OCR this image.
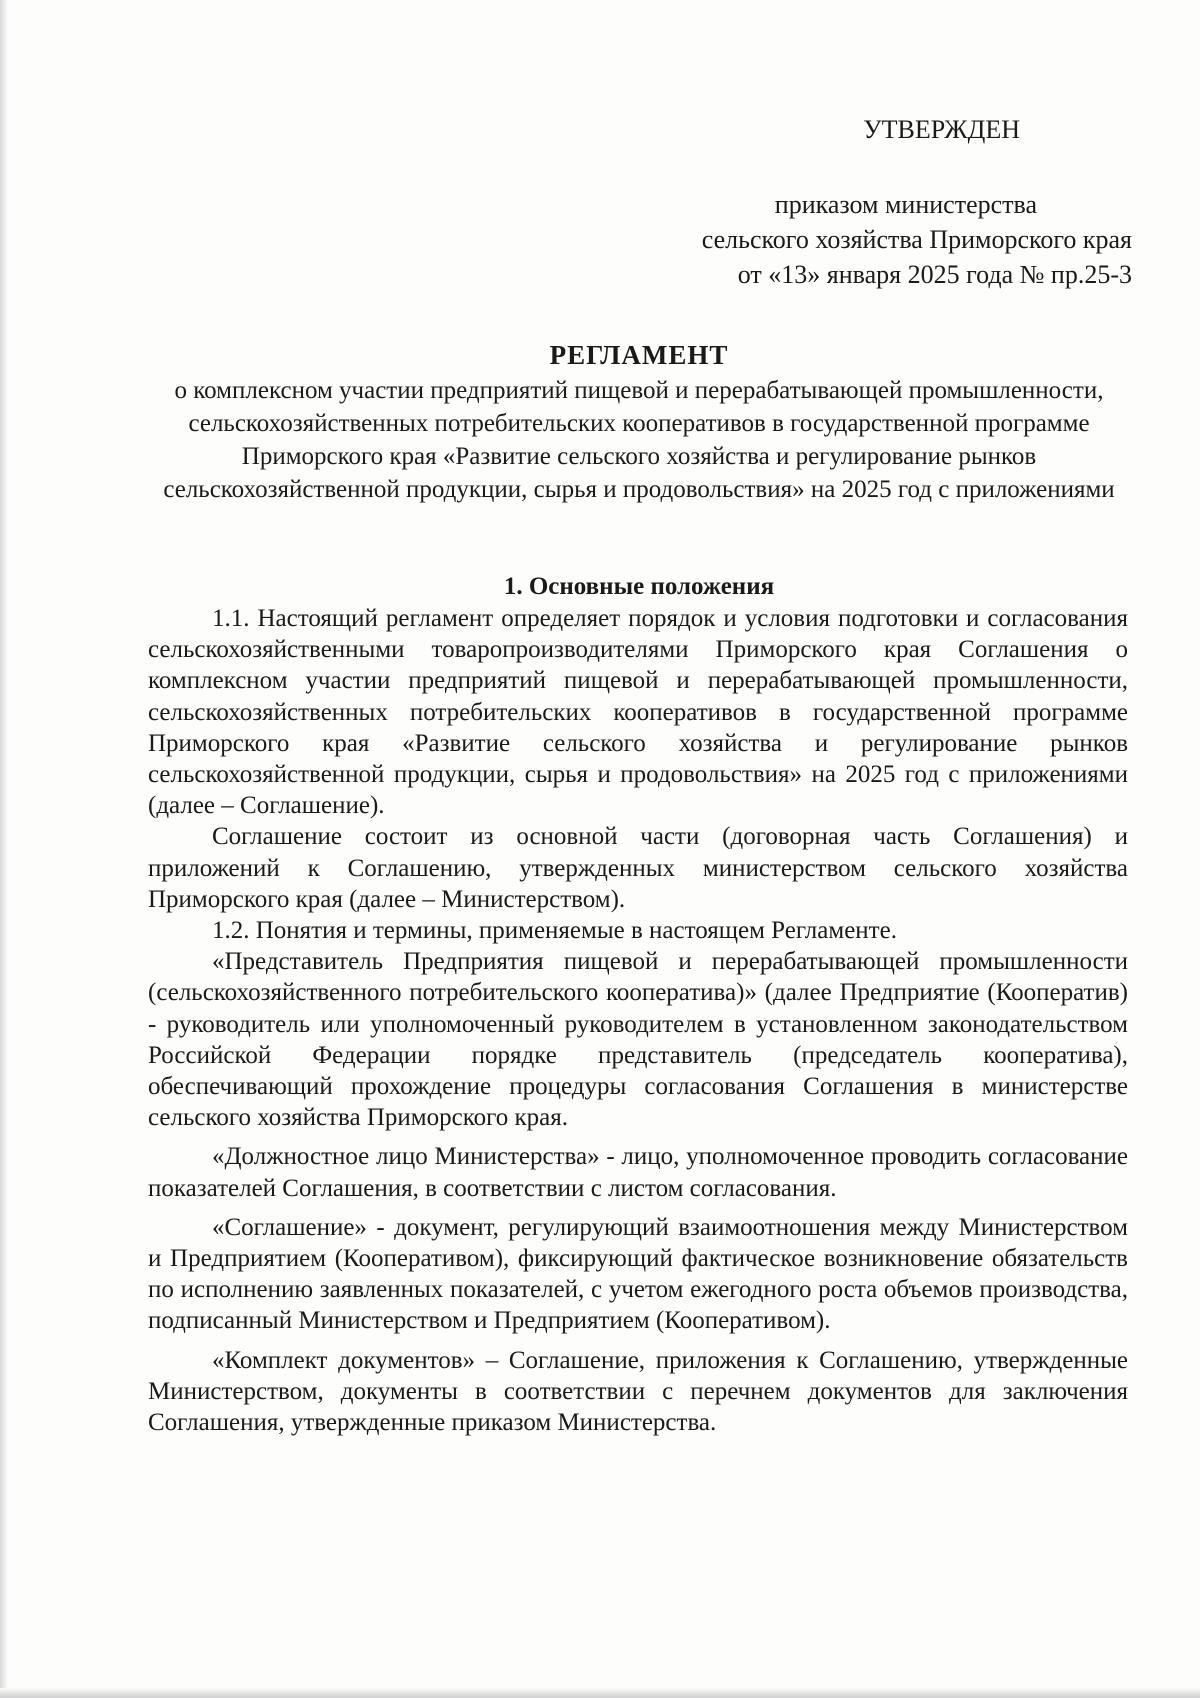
УТВЕРЖДЕН
приказом министерства
сельского хозяйства Приморского края
от «13» января 2025 года № пр.25-3
РЕГЛАМЕНТ

о комплексном участии предприятий пищевой и перерабатывающей промышленности, сельскохозяйственных потребительских кооперативов в государственной программе Приморского края «Развитие сельского хозяйства и регулирование рынков сельскохозяйственной продукции, сырья и продовольствия» на 2025 год с приложениями

1. Основные положения

1.1. Настоящий регламент определяет порядок и условия подготовки и согласования сельскохозяйственными товаропроизводителями Приморского края Соглашения о комплексном участии предприятий пищевой и перерабатывающей промышленности, сельскохозяйственных потребительских кооперативов в государственной программе Приморского края «Развитие сельского хозяйства и регулирование рынков сельскохозяйственной продукции, сырья и продовольствия» на 2025 год с приложениями (далее – Соглашение).

Соглашение состоит из основной части (договорная часть Соглашения) и приложений к Соглашению, утвержденных министерством сельского хозяйства Приморского края (далее – Министерством).

1.2. Понятия и термины, применяемые в настоящем Регламенте.

«Представитель Предприятия пищевой и перерабатывающей промышленности (сельскохозяйственного потребительского кооператива)» (далее Предприятие (Кооператив) - руководитель или уполномоченный руководителем в установленном законодательством Российской Федерации порядке представитель (председатель кооператива), обеспечивающий прохождение процедуры согласования Соглашения в министерстве сельского хозяйства Приморского края.

«Должностное лицо Министерства» - лицо, уполномоченное проводить согласование показателей Соглашения, в соответствии с листом согласования.

«Соглашение» - документ, регулирующий взаимоотношения между Министерством и Предприятием (Кооперативом), фиксирующий фактическое возникновение обязательств по исполнению заявленных показателей, с учетом ежегодного роста объемов производства, подписанный Министерством и Предприятием (Кооперативом).

«Комплект документов» – Соглашение, приложения к Соглашению, утвержденные Министерством, документы в соответствии с перечнем документов для заключения Соглашения, утвержденные приказом Министерства.
